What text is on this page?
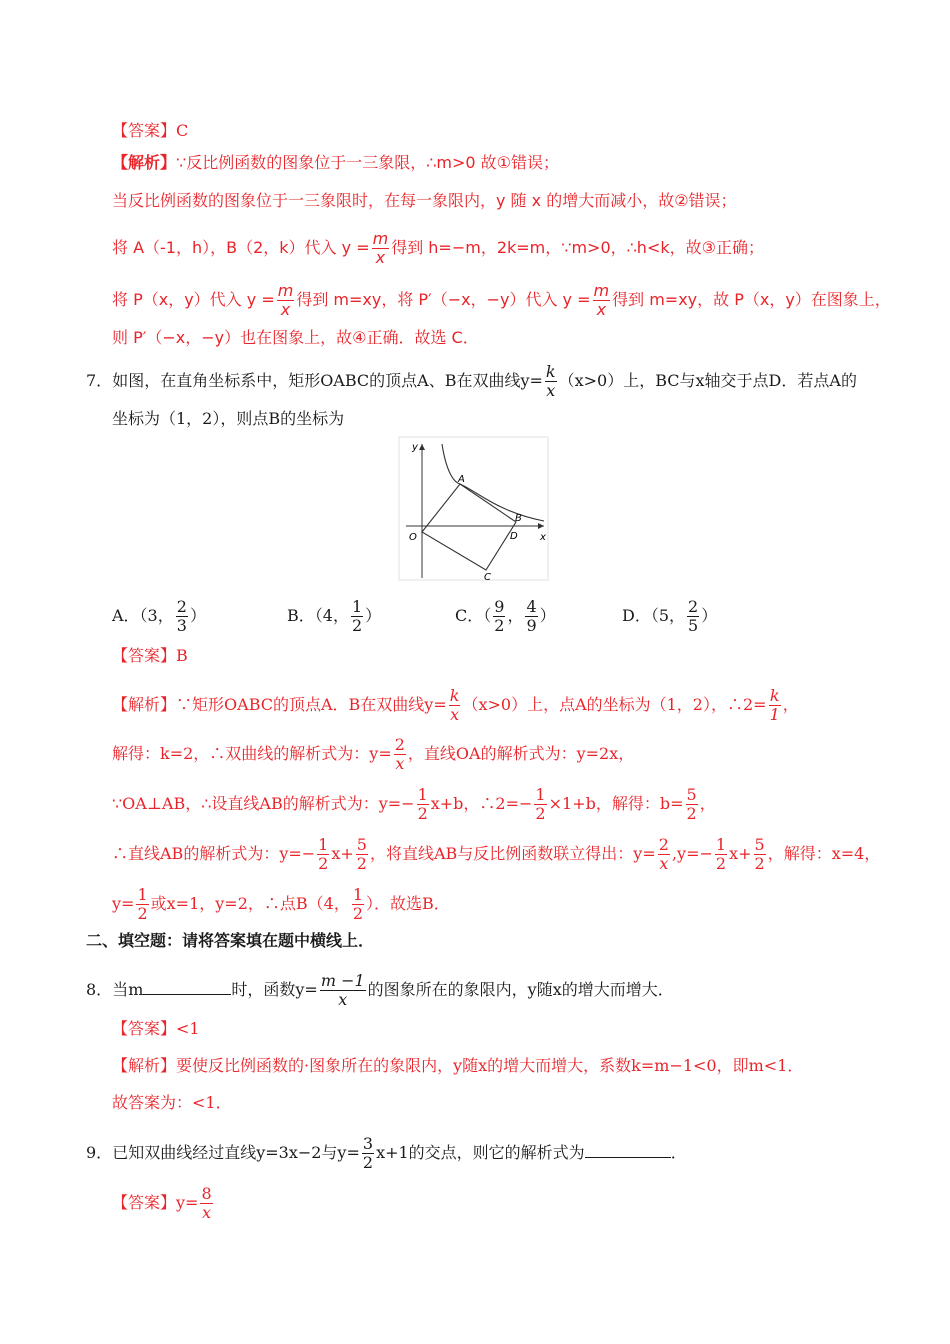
【答案】C
【解析】∵反比例函数的图象位于一三象限，∴m>0 故①错误；
当反比例函数的图象位于一三象限时，在每一象限内，y 随 x 的增大而减小，故②错误；
将 A（-1，h），B（2，k）代入 $y = \frac{m}{x}$ 得到 h=−m，2k=m，∵m>0，∴h<k，故③正确；
将 P（x，y）代入 $y = \frac{m}{x}$ 得到 m=xy，将 P′（−x，−y）代入 $y = \frac{m}{x}$ 得到 m=xy，故 P（x，y）在图象上，
则 P′（−x，−y）也在图象上，故④正确．故选 C．
7．如图，在直角坐标系中，矩形OABC的顶点A、B在双曲线$y= \frac{k}{x} (x>0)$上，BC与x轴交于点D．若点A的
坐标为（1，2），则点B的坐标为
y
x
O
A
B
C
D
A．（3， $\frac{2}{3}$ ）	B．（4， $\frac{1}{2}$ ）	C．（ $\frac{9}{2}$ ， $\frac{4}{9}$ ）	D．（5， $\frac{2}{5}$ ）
【答案】B
【解析】∵矩形OABC的顶点A．B在双曲线$y= \frac{k}{x} (x>0)$上，点A的坐标为（1，2），∴2= $\frac{k}{1}$ ，
解得：k=2，∴双曲线的解析式为：$y= \frac{2}{x}$ ，直线OA的解析式为：y=2x，
∵OA⊥AB，∴设直线AB的解析式为：$y=- \frac{1}{2} x+b$，∴2=− $\frac{1}{2} \times 1+b$，解得：$b= \frac{5}{2}$ ，
∴直线AB的解析式为：$y=- \frac{1}{2} x+ \frac{5}{2}$ ，将直线AB与反比例函数联立得出：$y= \frac{2}{x} ,y=- \frac{1}{2} x+ \frac{5}{2}$ ，解得：x=4，
$y= \frac{1}{2}$ 或x=1，y=2，∴点B（4， $\frac{1}{2}$ ）．故选B．
二、填空题：请将答案填在题中横线上．
8．当m	时，函数$y= \frac{m -1}{x}$ 的图象所在的象限内，y随x的增大而增大．
【答案】<1
【解析】要使反比例函数的·图象所在的象限内，y随x的增大而增大，系数k=m−1<0，即m<1．
故答案为：<1．
9．已知双曲线经过直线y=3x−2与$y= \frac{3}{2} x+1$的交点，则它的解析式为	．
【答案】$y= \frac{8}{x}$
